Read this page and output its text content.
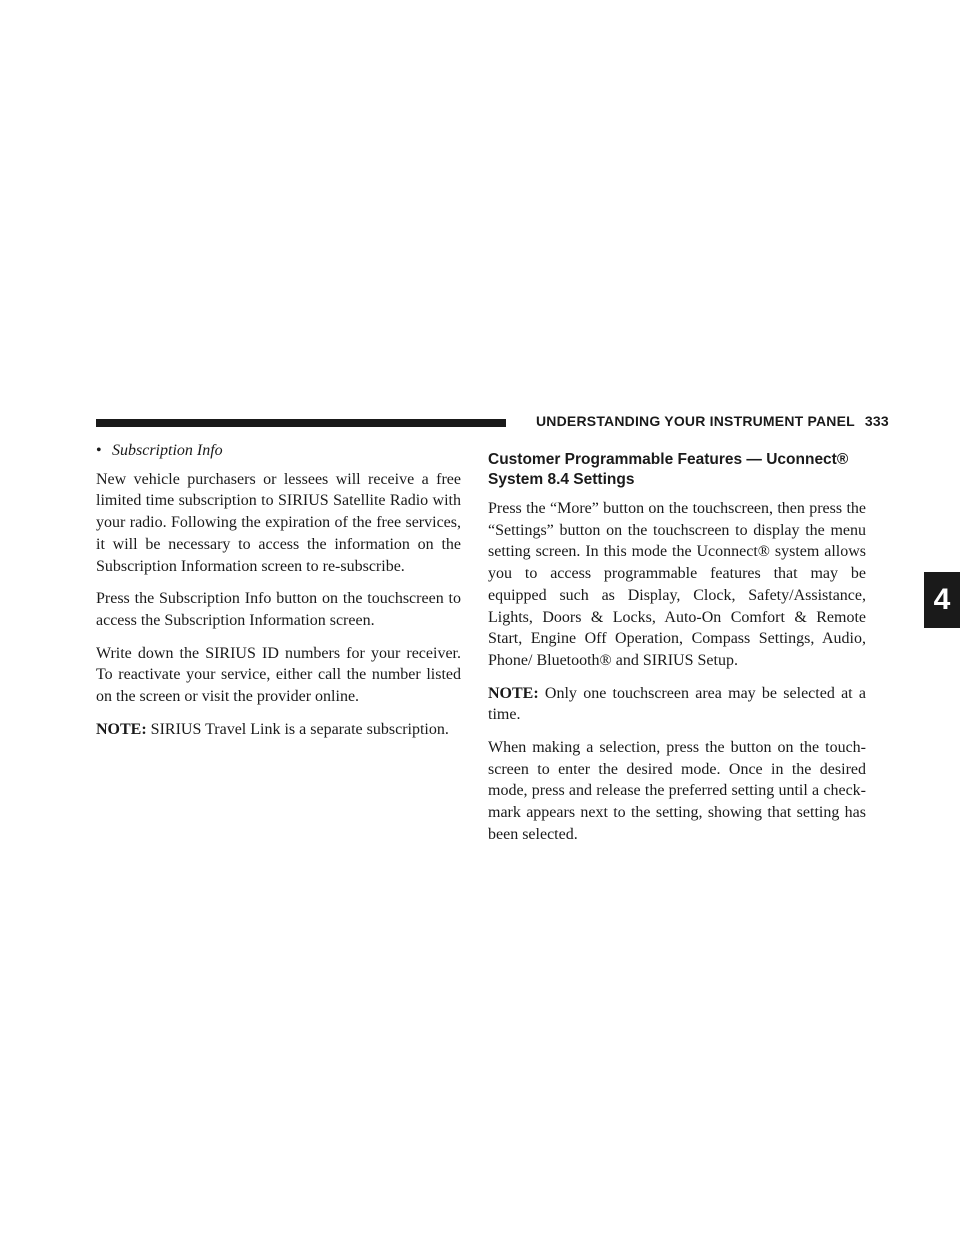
UNDERSTANDING YOUR INSTRUMENT PANEL 333
4

• Subscription Info

New vehicle purchasers or lessees will receive a free limited time subscription to SIRIUS Satellite Radio with your radio. Following the expiration of the free services, it will be necessary to access the information on the Subscription Information screen to re-subscribe.

Press the Subscription Info button on the touchscreen to access the Subscription Information screen.

Write down the SIRIUS ID numbers for your receiver. To reactivate your service, either call the number listed on the screen or visit the provider online.

NOTE: SIRIUS Travel Link is a separate subscription.

Customer Programmable Features — Uconnect® System 8.4 Settings

Press the “More” button on the touchscreen, then press the “Settings” button on the touchscreen to display the menu setting screen. In this mode the Uconnect® system allows you to access programmable features that may be equipped such as Display, Clock, Safety/Assistance, Lights, Doors & Locks, Auto-On Comfort & Remote Start, Engine Off Operation, Compass Settings, Audio, Phone/ Bluetooth® and SIRIUS Setup.

NOTE: Only one touchscreen area may be selected at a time.

When making a selection, press the button on the touch- screen to enter the desired mode. Once in the desired mode, press and release the preferred setting until a check-mark appears next to the setting, showing that setting has been selected.
